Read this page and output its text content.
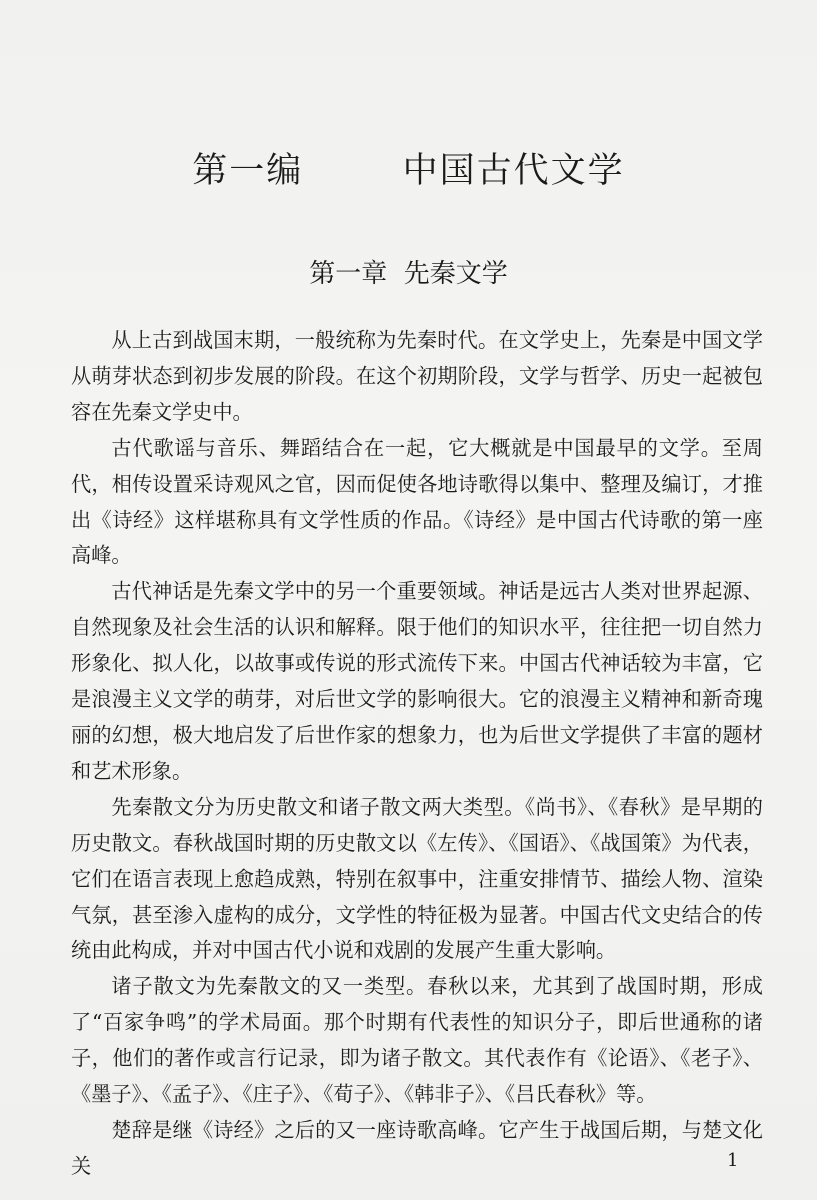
第一编   中国古代文学
第一章  先秦文学

从上古到战国末期，一般统称为先秦时代。在文学史上，先秦是中国文学从萌芽状态到初步发展的阶段。在这个初期阶段，文学与哲学、历史一起被包容在先秦文学史中。

古代歌谣与音乐、舞蹈结合在一起，它大概就是中国最早的文学。至周代，相传设置采诗观风之官，因而促使各地诗歌得以集中、整理及编订，才推出《诗经》这样堪称具有文学性质的作品。《诗经》是中国古代诗歌的第一座高峰。

古代神话是先秦文学中的另一个重要领域。神话是远古人类对世界起源、自然现象及社会生活的认识和解释。限于他们的知识水平，往往把一切自然力形象化、拟人化，以故事或传说的形式流传下来。中国古代神话较为丰富，它是浪漫主义文学的萌芽，对后世文学的影响很大。它的浪漫主义精神和新奇瑰丽的幻想，极大地启发了后世作家的想象力，也为后世文学提供了丰富的题材和艺术形象。

先秦散文分为历史散文和诸子散文两大类型。《尚书》、《春秋》是早期的历史散文。春秋战国时期的历史散文以《左传》、《国语》、《战国策》为代表，它们在语言表现上愈趋成熟，特别在叙事中，注重安排情节、描绘人物、渲染气氛，甚至渗入虚构的成分，文学性的特征极为显著。中国古代文史结合的传统由此构成，并对中国古代小说和戏剧的发展产生重大影响。

诸子散文为先秦散文的又一类型。春秋以来，尤其到了战国时期，形成了“百家争鸣”的学术局面。那个时期有代表性的知识分子，即后世通称的诸子，他们的著作或言行记录，即为诸子散文。其代表作有《论语》、《老子》、《墨子》、《孟子》、《庄子》、《荀子》、《韩非子》、《吕氏春秋》等。

楚辞是继《诗经》之后的又一座诗歌高峰。它产生于战国后期，与楚文化关	1
